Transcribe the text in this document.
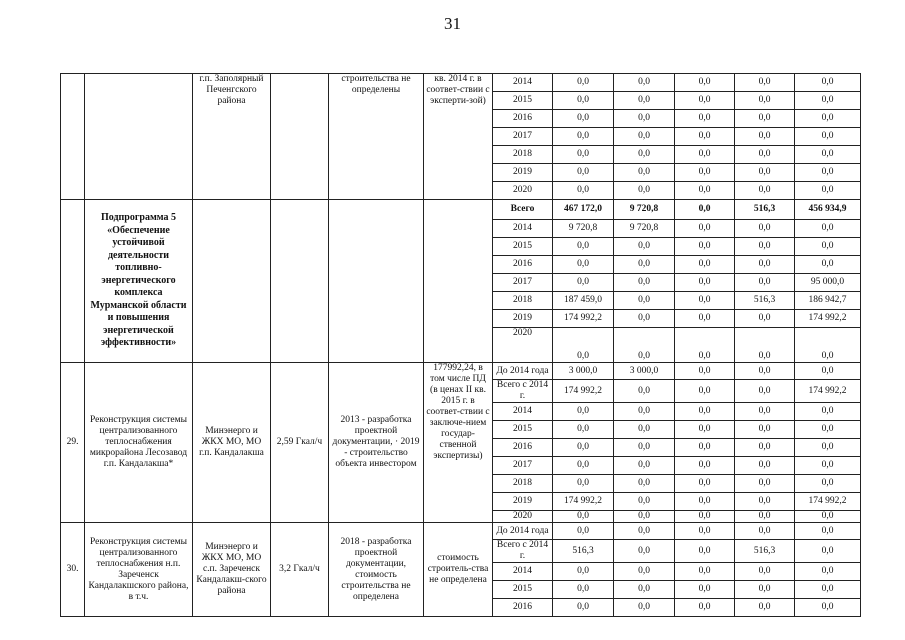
31
		г.п. Заполярный Печенгского района		строительства не определены	кв. 2014 г. в соответ-ствии с эксперти-зой)	2014	0,0	0,0	0,0	0,0	0,0
						2015	0,0	0,0	0,0	0,0	0,0
						2016	0,0	0,0	0,0	0,0	0,0
						2017	0,0	0,0	0,0	0,0	0,0
						2018	0,0	0,0	0,0	0,0	0,0
						2019	0,0	0,0	0,0	0,0	0,0
						2020	0,0	0,0	0,0	0,0	0,0
	Подпрограмма 5 «Обеспечение устойчивой деятельности топливно-энергетического комплекса Мурманской области и повышения энергетической эффективности»					Всего	467 172,0	9 720,8	0,0	516,3	456 934,9
						2014	9 720,8	9 720,8	0,0	0,0	0,0
						2015	0,0	0,0	0,0	0,0	0,0
						2016	0,0	0,0	0,0	0,0	0,0
						2017	0,0	0,0	0,0	0,0	95 000,0
						2018	187 459,0	0,0	0,0	516,3	186 942,7
						2019	174 992,2	0,0	0,0	0,0	174 992,2
						2020	0,0	0,0	0,0	0,0	0,0
29.	Реконструкция системы централизованного теплоснабжения микрорайона Лесозавод г.п. Кандалакша*	Минэнерго и ЖКХ МО, МО г.п. Кандалакша	2,59 Гкал/ч	2013 - разработка проектной документации, · 2019 - строительство объекта инвестором	177992,24, в том числе ПД (в ценах II кв. 2015 г. в соответ-ствии с заключе-нием государ-ственной экспертизы)	До 2014 года	3 000,0	3 000,0	0,0	0,0	0,0
						Всего с 2014 г.	174 992,2	0,0	0,0	0,0	174 992,2
						2014	0,0	0,0	0,0	0,0	0,0
						2015	0,0	0,0	0,0	0,0	0,0
						2016	0,0	0,0	0,0	0,0	0,0
						2017	0,0	0,0	0,0	0,0	0,0
						2018	0,0	0,0	0,0	0,0	0,0
						2019	174 992,2	0,0	0,0	0,0	174 992,2
						2020	0,0	0,0	0,0	0,0	0,0
30.	Реконструкция системы централизованного теплоснабжения н.п. Зареченск Кандалакшского района, в т.ч.	Минэнерго и ЖКХ МО, МО с.п. Зареченск Кандалакш-ского района	3,2 Гкал/ч	2018 - разработка проектной документации, стоимость строительства не определена	стоимость строитель-ства не определена	До 2014 года	0,0	0,0	0,0	0,0	0,0
						Всего с 2014 г.	516,3	0,0	0,0	516,3	0,0
						2014	0,0	0,0	0,0	0,0	0,0
						2015	0,0	0,0	0,0	0,0	0,0
						2016	0,0	0,0	0,0	0,0	0,0
